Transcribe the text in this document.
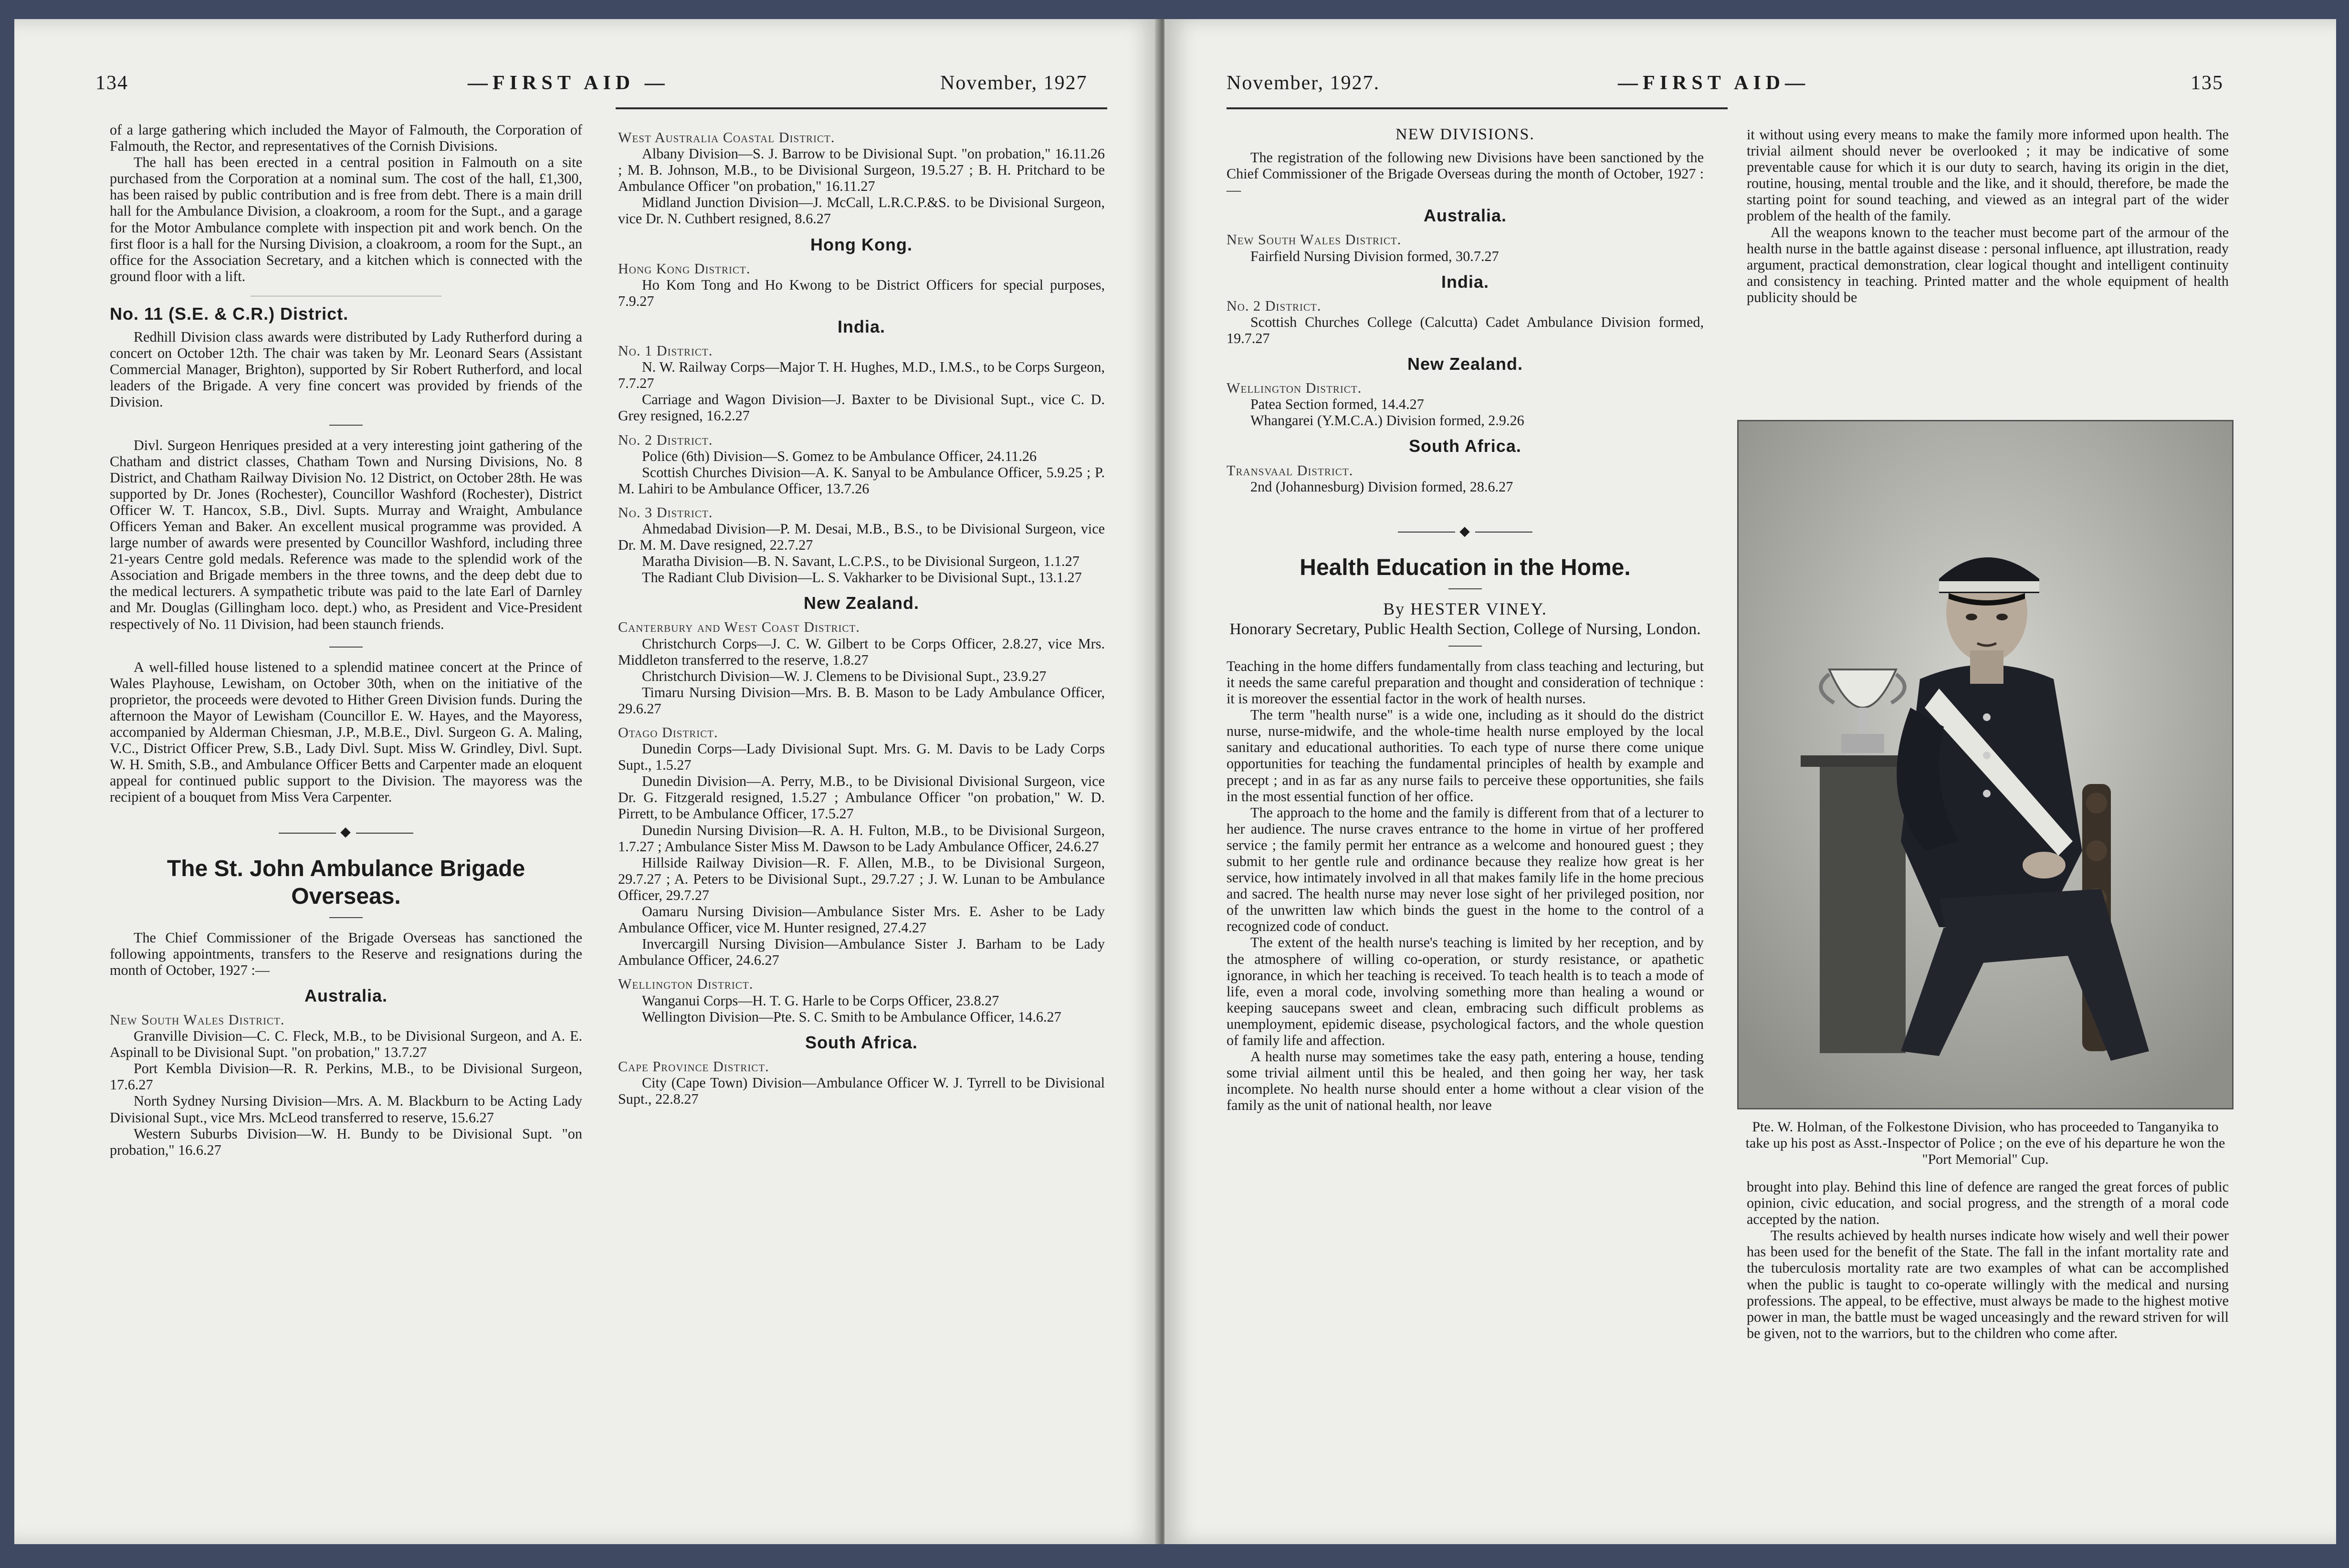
134	—FIRST AID —	November, 1927

of a large gathering which included the Mayor of Falmouth, the Corporation of Falmouth, the Rector, and representatives of the Cornish Divisions.

The hall has been erected in a central position in Falmouth on a site purchased from the Corporation at a nominal sum. The cost of the hall, £1,300, has been raised by public contribution and is free from debt. There is a main drill hall for the Ambulance Division, a cloakroom, a room for the Supt., and a garage for the Motor Ambulance complete with inspection pit and work bench. On the first floor is a hall for the Nursing Division, a cloakroom, a room for the Supt., an office for the Association Secretary, and a kitchen which is connected with the ground floor with a lift.

No. 11 (S.E. & C.R.) District.

Redhill Division class awards were distributed by Lady Rutherford during a concert on October 12th. The chair was taken by Mr. Leonard Sears (Assistant Commercial Manager, Brighton), supported by Sir Robert Rutherford, and local leaders of the Brigade. A very fine concert was provided by friends of the Division.

Divl. Surgeon Henriques presided at a very interesting joint gathering of the Chatham and district classes, Chatham Town and Nursing Divisions, No. 8 District, and Chatham Railway Division No. 12 District, on October 28th. He was supported by Dr. Jones (Rochester), Councillor Washford (Rochester), District Officer W. T. Hancox, S.B., Divl. Supts. Murray and Wraight, Ambulance Officers Yeman and Baker. An excellent musical programme was provided. A large number of awards were presented by Councillor Washford, including three 21-years Centre gold medals. Reference was made to the splendid work of the Association and Brigade members in the three towns, and the deep debt due to the medical lecturers. A sympathetic tribute was paid to the late Earl of Darnley and Mr. Douglas (Gillingham loco. dept.) who, as President and Vice-President respectively of No. 11 Division, had been staunch friends.

A well-filled house listened to a splendid matinee concert at the Prince of Wales Playhouse, Lewisham, on October 30th, when on the initiative of the proprietor, the proceeds were devoted to Hither Green Division funds. During the afternoon the Mayor of Lewisham (Councillor E. W. Hayes, and the Mayoress, accompanied by Alderman Chiesman, J.P., M.B.E., Divl. Surgeon G. A. Maling, V.C., District Officer Prew, S.B., Lady Divl. Supt. Miss W. Grindley, Divl. Supt. W. H. Smith, S.B., and Ambulance Officer Betts and Carpenter made an eloquent appeal for continued public support to the Division. The mayoress was the recipient of a bouquet from Miss Vera Carpenter.

◆
The St. John Ambulance Brigade Overseas.

The Chief Commissioner of the Brigade Overseas has sanctioned the following appointments, transfers to the Reserve and resignations during the month of October, 1927 :—

Australia.

New South Wales District.

Granville Division—C. C. Fleck, M.B., to be Divisional Surgeon, and A. E. Aspinall to be Divisional Supt. "on probation," 13.7.27

Port Kembla Division—R. R. Perkins, M.B., to be Divisional Surgeon, 17.6.27

North Sydney Nursing Division—Mrs. A. M. Blackburn to be Acting Lady Divisional Supt., vice Mrs. McLeod transferred to reserve, 15.6.27

Western Suburbs Division—W. H. Bundy to be Divisional Supt. "on probation," 16.6.27

West Australia Coastal District.

Albany Division—S. J. Barrow to be Divisional Supt. "on probation," 16.11.26 ; M. B. Johnson, M.B., to be Divisional Surgeon, 19.5.27 ; B. H. Pritchard to be Ambulance Officer "on probation," 16.11.27

Midland Junction Division—J. McCall, L.R.C.P.&S. to be Divisional Surgeon, vice Dr. N. Cuthbert resigned, 8.6.27

Hong Kong.

Hong Kong District.

Ho Kom Tong and Ho Kwong to be District Officers for special purposes, 7.9.27

India.

No. 1 District.

N. W. Railway Corps—Major T. H. Hughes, M.D., I.M.S., to be Corps Surgeon, 7.7.27

Carriage and Wagon Division—J. Baxter to be Divisional Supt., vice C. D. Grey resigned, 16.2.27

No. 2 District.

Police (6th) Division—S. Gomez to be Ambulance Officer, 24.11.26

Scottish Churches Division—A. K. Sanyal to be Ambulance Officer, 5.9.25 ; P. M. Lahiri to be Ambulance Officer, 13.7.26

No. 3 District.

Ahmedabad Division—P. M. Desai, M.B., B.S., to be Divisional Surgeon, vice Dr. M. M. Dave resigned, 22.7.27

Maratha Division—B. N. Savant, L.C.P.S., to be Divisional Surgeon, 1.1.27

The Radiant Club Division—L. S. Vakharker to be Divisional Supt., 13.1.27

New Zealand.

Canterbury and West Coast District.

Christchurch Corps—J. C. W. Gilbert to be Corps Officer, 2.8.27, vice Mrs. Middleton transferred to the reserve, 1.8.27

Christchurch Division—W. J. Clemens to be Divisional Supt., 23.9.27

Timaru Nursing Division—Mrs. B. B. Mason to be Lady Ambulance Officer, 29.6.27

Otago District.

Dunedin Corps—Lady Divisional Supt. Mrs. G. M. Davis to be Lady Corps Supt., 1.5.27

Dunedin Division—A. Perry, M.B., to be Divisional Divisional Surgeon, vice Dr. G. Fitzgerald resigned, 1.5.27 ; Ambulance Officer "on probation," W. D. Pirrett, to be Ambulance Officer, 17.5.27

Dunedin Nursing Division—R. A. H. Fulton, M.B., to be Divisional Surgeon, 1.7.27 ; Ambulance Sister Miss M. Dawson to be Lady Ambulance Officer, 24.6.27

Hillside Railway Division—R. F. Allen, M.B., to be Divisional Surgeon, 29.7.27 ; A. Peters to be Divisional Supt., 29.7.27 ; J. W. Lunan to be Ambulance Officer, 29.7.27

Oamaru Nursing Division—Ambulance Sister Mrs. E. Asher to be Lady Ambulance Officer, vice M. Hunter resigned, 27.4.27

Invercargill Nursing Division—Ambulance Sister J. Barham to be Lady Ambulance Officer, 24.6.27

Wellington District.

Wanganui Corps—H. T. G. Harle to be Corps Officer, 23.8.27

Wellington Division—Pte. S. C. Smith to be Ambulance Officer, 14.6.27

South Africa.

Cape Province District.

City (Cape Town) Division—Ambulance Officer W. J. Tyrrell to be Divisional Supt., 22.8.27

November, 1927.	—FIRST AID—	135
NEW DIVISIONS.

The registration of the following new Divisions have been sanctioned by the Chief Commissioner of the Brigade Overseas during the month of October, 1927 :—

Australia.

New South Wales District.

Fairfield Nursing Division formed, 30.7.27

India.

No. 2 District.

Scottish Churches College (Calcutta) Cadet Ambulance Division formed, 19.7.27

New Zealand.

Wellington District.

Patea Section formed, 14.4.27

Whangarei (Y.M.C.A.) Division formed, 2.9.26

South Africa.

Transvaal District.

2nd (Johannesburg) Division formed, 28.6.27

◆
Health Education in the Home.
By HESTER VINEY.
Honorary Secretary, Public Health Section, College of Nursing, London.

Teaching in the home differs fundamentally from class teaching and lecturing, but it needs the same careful preparation and thought and consideration of technique : it is moreover the essential factor in the work of health nurses.

The term "health nurse" is a wide one, including as it should do the district nurse, nurse-midwife, and the whole-time health nurse employed by the local sanitary and educational authorities. To each type of nurse there come unique opportunities for teaching the fundamental principles of health by example and precept ; and in as far as any nurse fails to perceive these opportunities, she fails in the most essential function of her office.

The approach to the home and the family is different from that of a lecturer to her audience. The nurse craves entrance to the home in virtue of her proffered service ; the family permit her entrance as a welcome and honoured guest ; they submit to her gentle rule and ordinance because they realize how great is her service, how intimately involved in all that makes family life in the home precious and sacred. The health nurse may never lose sight of her privileged position, nor of the unwritten law which binds the guest in the home to the control of a recognized code of conduct.

The extent of the health nurse's teaching is limited by her reception, and by the atmosphere of willing co-operation, or sturdy resistance, or apathetic ignorance, in which her teaching is received. To teach health is to teach a mode of life, even a moral code, involving something more than healing a wound or keeping saucepans sweet and clean, embracing such difficult problems as unemployment, epidemic disease, psychological factors, and the whole question of family life and affection.

A health nurse may sometimes take the easy path, entering a house, tending some trivial ailment until this be healed, and then going her way, her task incomplete. No health nurse should enter a home without a clear vision of the family as the unit of national health, nor leave

it without using every means to make the family more informed upon health. The trivial ailment should never be overlooked ; it may be indicative of some preventable cause for which it is our duty to search, having its origin in the diet, routine, housing, mental trouble and the like, and it should, therefore, be made the starting point for sound teaching, and viewed as an integral part of the wider problem of the health of the family.

All the weapons known to the teacher must become part of the armour of the health nurse in the battle against disease : personal influence, apt illustration, ready argument, practical demonstration, clear logical thought and intelligent continuity and consistency in teaching. Printed matter and the whole equipment of health publicity should be

Pte. W. Holman, of the Folkestone Division, who has proceeded to Tanganyika to take up his post as Asst.-Inspector of Police ; on the eve of his departure he won the "Port Memorial" Cup.

brought into play. Behind this line of defence are ranged the great forces of public opinion, civic education, and social progress, and the strength of a moral code accepted by the nation.

The results achieved by health nurses indicate how wisely and well their power has been used for the benefit of the State. The fall in the infant mortality rate and the tuberculosis mortality rate are two examples of what can be accomplished when the public is taught to co-operate willingly with the medical and nursing professions. The appeal, to be effective, must always be made to the highest motive power in man, the battle must be waged unceasingly and the reward striven for will be given, not to the warriors, but to the children who come after.
